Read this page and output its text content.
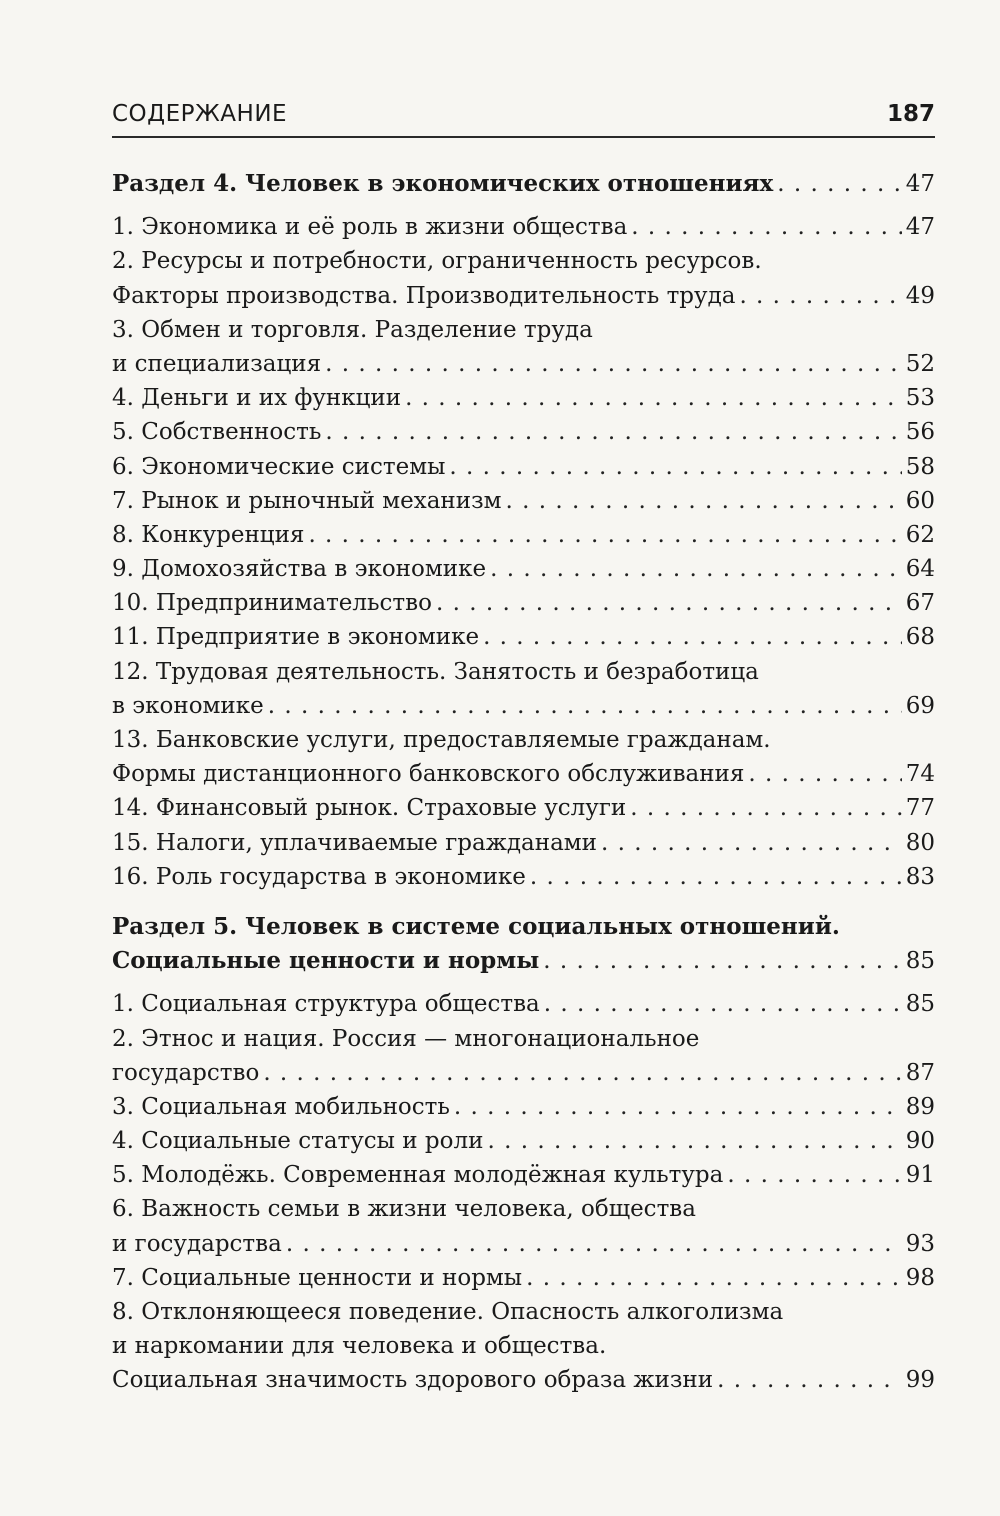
СОДЕРЖАНИЕ	187
Раздел 4. Человек в экономических отношениях . . .	47
1. Экономика и её роль в жизни общества . . .	47
2. Ресурсы и потребности, ограниченность ресурсов.
Факторы производства. Производительность труда . . .	49
3. Обмен и торговля. Разделение труда
и специализация . . .	52
4. Деньги и их функции . . .	53
5. Собственность . . .	56
6. Экономические системы . . .	58
7. Рынок и рыночный механизм . . .	60
8. Конкуренция . . .	62
9. Домохозяйства в экономике . . .	64
10. Предпринимательство . . .	67
11. Предприятие в экономике . . .	68
12. Трудовая деятельность. Занятость и безработица
в экономике . . .	69
13. Банковские услуги, предоставляемые гражданам.
Формы дистанционного банковского обслуживания . . .	74
14. Финансовый рынок. Страховые услуги . . .	77
15. Налоги, уплачиваемые гражданами . . .	80
16. Роль государства в экономике . . .	83
Раздел 5. Человек в системе социальных отношений.
Социальные ценности и нормы . . .	85
1. Социальная структура общества . . .	85
2. Этнос и нация. Россия — многонациональное
государство . . .	87
3. Социальная мобильность . . .	89
4. Социальные статусы и роли . . .	90
5. Молодёжь. Современная молодёжная культура . . .	91
6. Важность семьи в жизни человека, общества
и государства . . .	93
7. Социальные ценности и нормы . . .	98
8. Отклоняющееся поведение. Опасность алкоголизма
и наркомании для человека и общества.
Социальная значимость здорового образа жизни . . .	99
